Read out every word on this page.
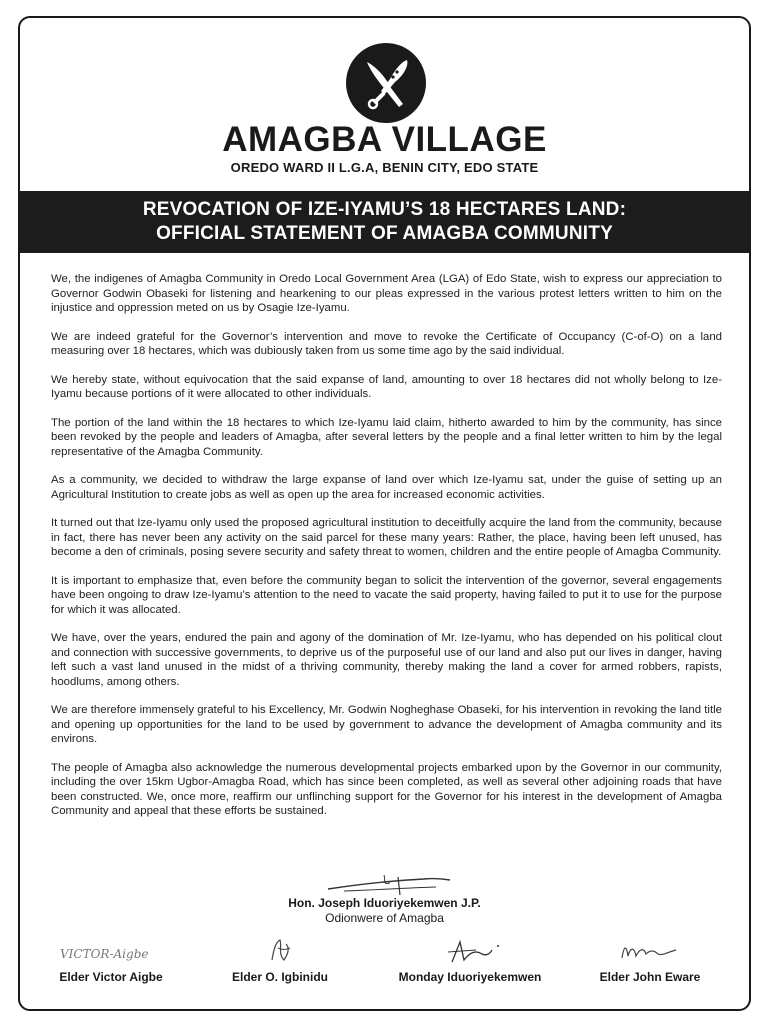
AMAGBA VILLAGE
OREDO WARD II L.G.A, BENIN CITY, EDO STATE
REVOCATION OF IZE-IYAMU’S 18 HECTARES LAND:
OFFICIAL STATEMENT OF AMAGBA COMMUNITY

We, the indigenes of Amagba Community in Oredo Local Government Area (LGA) of Edo State, wish to express our appreciation to Governor Godwin Obaseki for listening and hearkening to our pleas expressed in the various protest letters written to him on the injustice and oppression meted on us by Osagie Ize-Iyamu.

We are indeed grateful for the Governor’s intervention and move to revoke the Certificate of Occupancy (C-of-O) on a land measuring over 18 hectares, which was dubiously taken from us some time ago by the said individual.

We hereby state, without equivocation that the said expanse of land, amounting to over 18 hectares did not wholly belong to Ize-Iyamu because portions of it were allocated to other individuals.

The portion of the land within the 18 hectares to which Ize-Iyamu laid claim, hitherto awarded to him by the community, has since been revoked by the people and leaders of Amagba, after several letters by the people and a final letter written to him by the legal representative of the Amagba Community.

As a community, we decided to withdraw the large expanse of land over which Ize-Iyamu sat, under the guise of setting up an Agricultural Institution to create jobs as well as open up the area for increased economic activities.

It turned out that Ize-Iyamu only used the proposed agricultural institution to deceitfully acquire the land from the community, because in fact, there has never been any activity on the said parcel for these many years: Rather, the place, having been left unused, has become a den of criminals, posing severe security and safety threat to women, children and the entire people of Amagba Community.

It is important to emphasize that, even before the community began to solicit the intervention of the governor, several engagements have been ongoing to draw Ize-Iyamu’s attention to the need to vacate the said property, having failed to put it to use for the purpose for which it was allocated.

We have, over the years, endured the pain and agony of the domination of Mr. Ize-Iyamu, who has depended on his political clout and connection with successive governments, to deprive us of the purposeful use of our land and also put our lives in danger, having left such a vast land unused in the midst of a thriving community, thereby making the land a cover for armed robbers, rapists, hoodlums, among others.

We are therefore immensely grateful to his Excellency, Mr. Godwin Nogheghase Obaseki, for his intervention in revoking the land title and opening up opportunities for the land to be used by government to advance the development of Amagba community and its environs.

The people of Amagba also acknowledge the numerous developmental projects embarked upon by the Governor in our community, including the over 15km Ugbor-Amagba Road, which has since been completed, as well as several other adjoining roads that have been constructed. We, once more, reaffirm our unflinching support for the Governor for his interest in the development of Amagba Community and appeal that these efforts be sustained.

Hon. Joseph Iduoriyekemwen J.P.
Odionwere of Amagba
VICTOR-Aigbe
Elder Victor Aigbe	Elder O. Igbinidu	Monday Iduoriyekemwen	Elder John Eware
